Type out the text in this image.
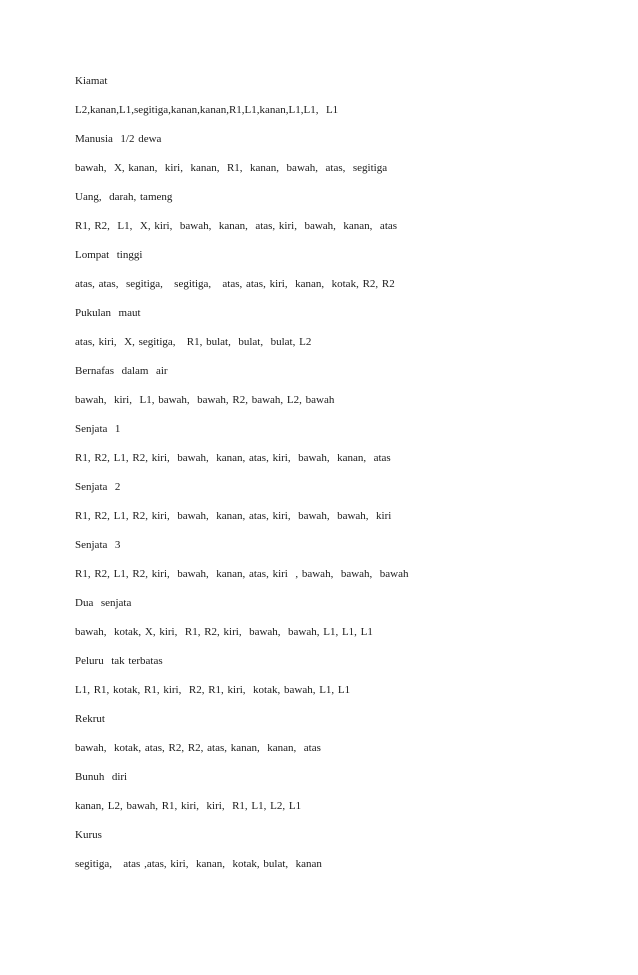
Kiamat
L2,kanan,L1,segitiga,kanan,kanan,R1,L1,kanan,L1,L1,  L1
Manusia  1/2 dewa
bawah,  X, kanan,  kiri,  kanan,  R1,  kanan,  bawah,  atas,  segitiga
Uang,  darah, tameng
R1, R2,  L1,  X, kiri,  bawah,  kanan,  atas, kiri,  bawah,  kanan,  atas
Lompat  tinggi
atas, atas,  segitiga,   segitiga,   atas, atas, kiri,  kanan,  kotak, R2, R2
Pukulan  maut
atas, kiri,  X, segitiga,   R1, bulat,  bulat,  bulat, L2
Bernafas  dalam  air
bawah,  kiri,  L1, bawah,  bawah, R2, bawah, L2, bawah
Senjata  1
R1, R2, L1, R2, kiri,  bawah,  kanan, atas, kiri,  bawah,  kanan,  atas
Senjata  2
R1, R2, L1, R2, kiri,  bawah,  kanan, atas, kiri,  bawah,  bawah,  kiri
Senjata  3
R1, R2, L1, R2, kiri,  bawah,  kanan, atas, kiri  , bawah,  bawah,  bawah
Dua  senjata
bawah,  kotak, X, kiri,  R1, R2, kiri,  bawah,  bawah, L1, L1, L1
Peluru  tak terbatas
L1, R1, kotak, R1, kiri,  R2, R1, kiri,  kotak, bawah, L1, L1
Rekrut
bawah,  kotak, atas, R2, R2, atas, kanan,  kanan,  atas
Bunuh  diri
kanan, L2, bawah, R1, kiri,  kiri,  R1, L1, L2, L1
Kurus
segitiga,   atas ,atas, kiri,  kanan,  kotak, bulat,  kanan
